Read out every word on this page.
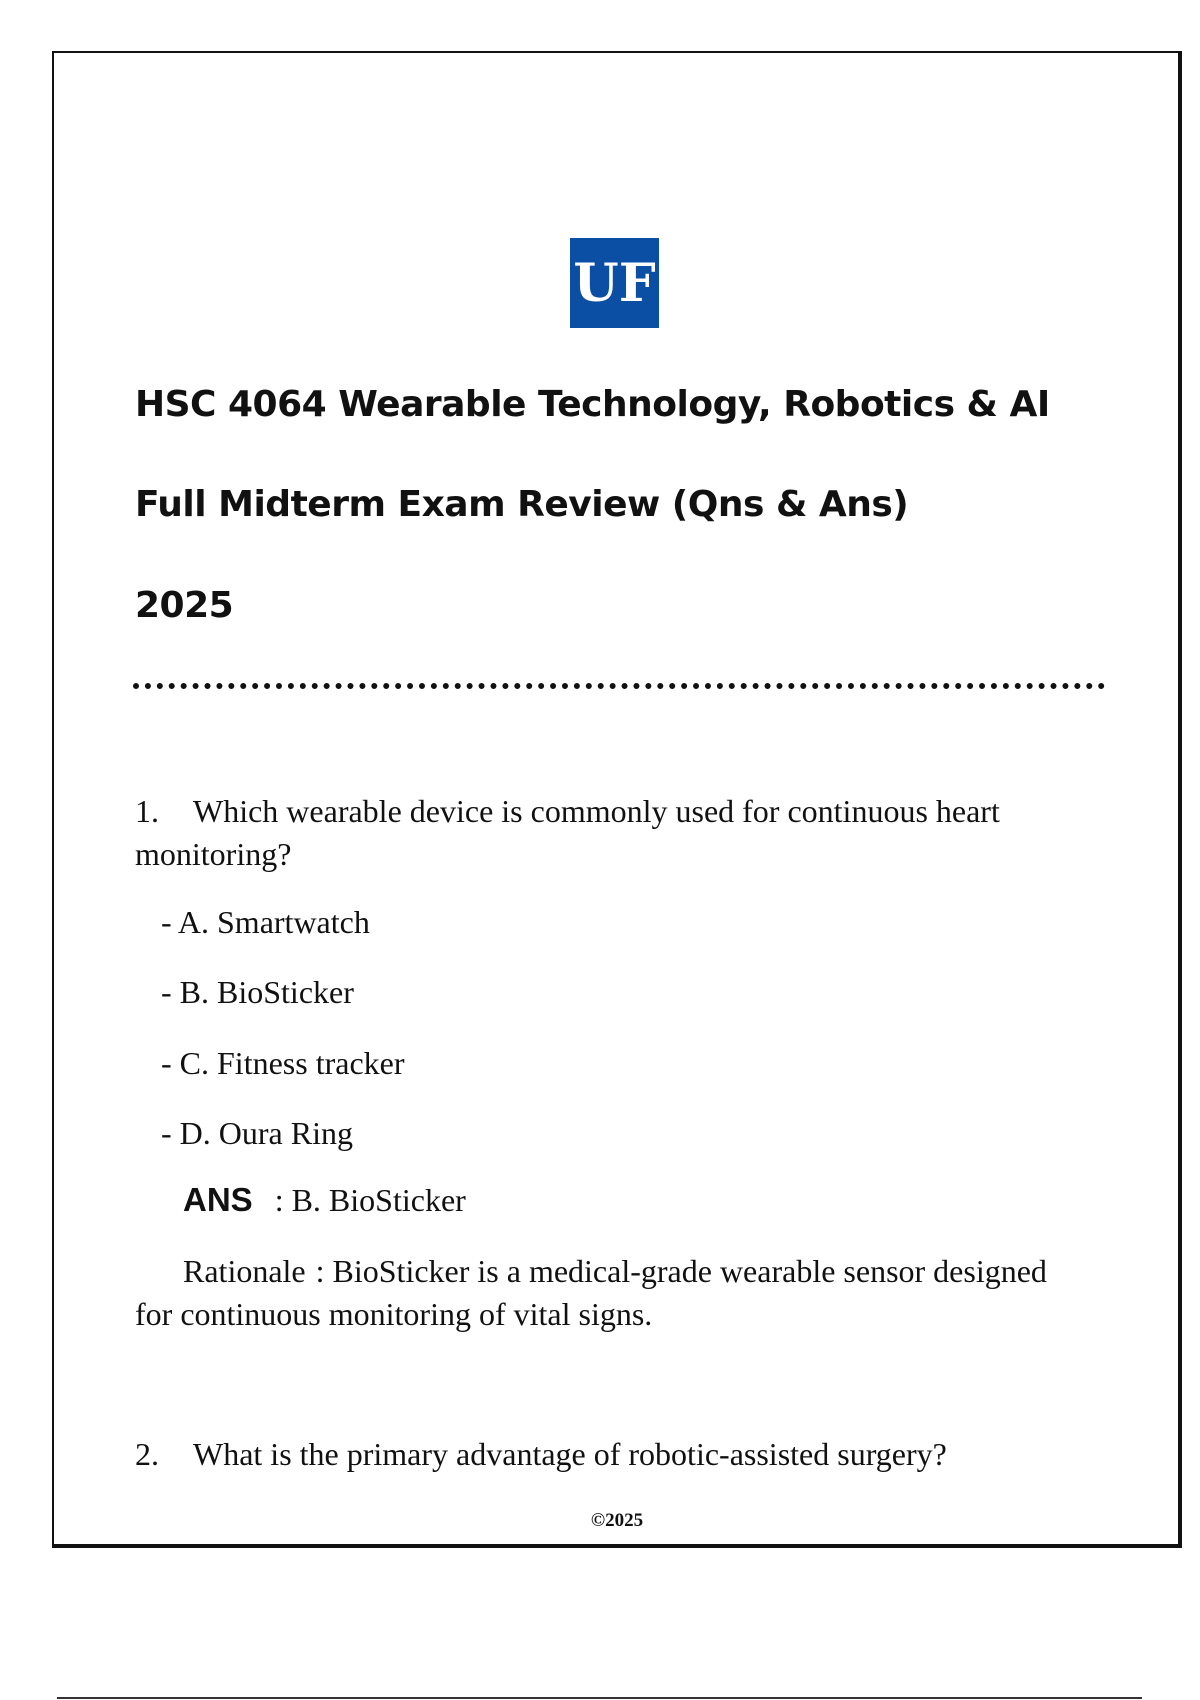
UF
HSC 4064 Wearable Technology, Robotics & AI
Full Midterm Exam Review (Qns & Ans)
2025
1. Which wearable device is commonly used for continuous heart monitoring?
- A. Smartwatch
- B. BioSticker
- C. Fitness tracker
- D. Oura Ring
ANS : B. BioSticker
Rationale : BioSticker is a medical-grade wearable sensor designed for continuous monitoring of vital signs.
2. What is the primary advantage of robotic-assisted surgery?
©2025
